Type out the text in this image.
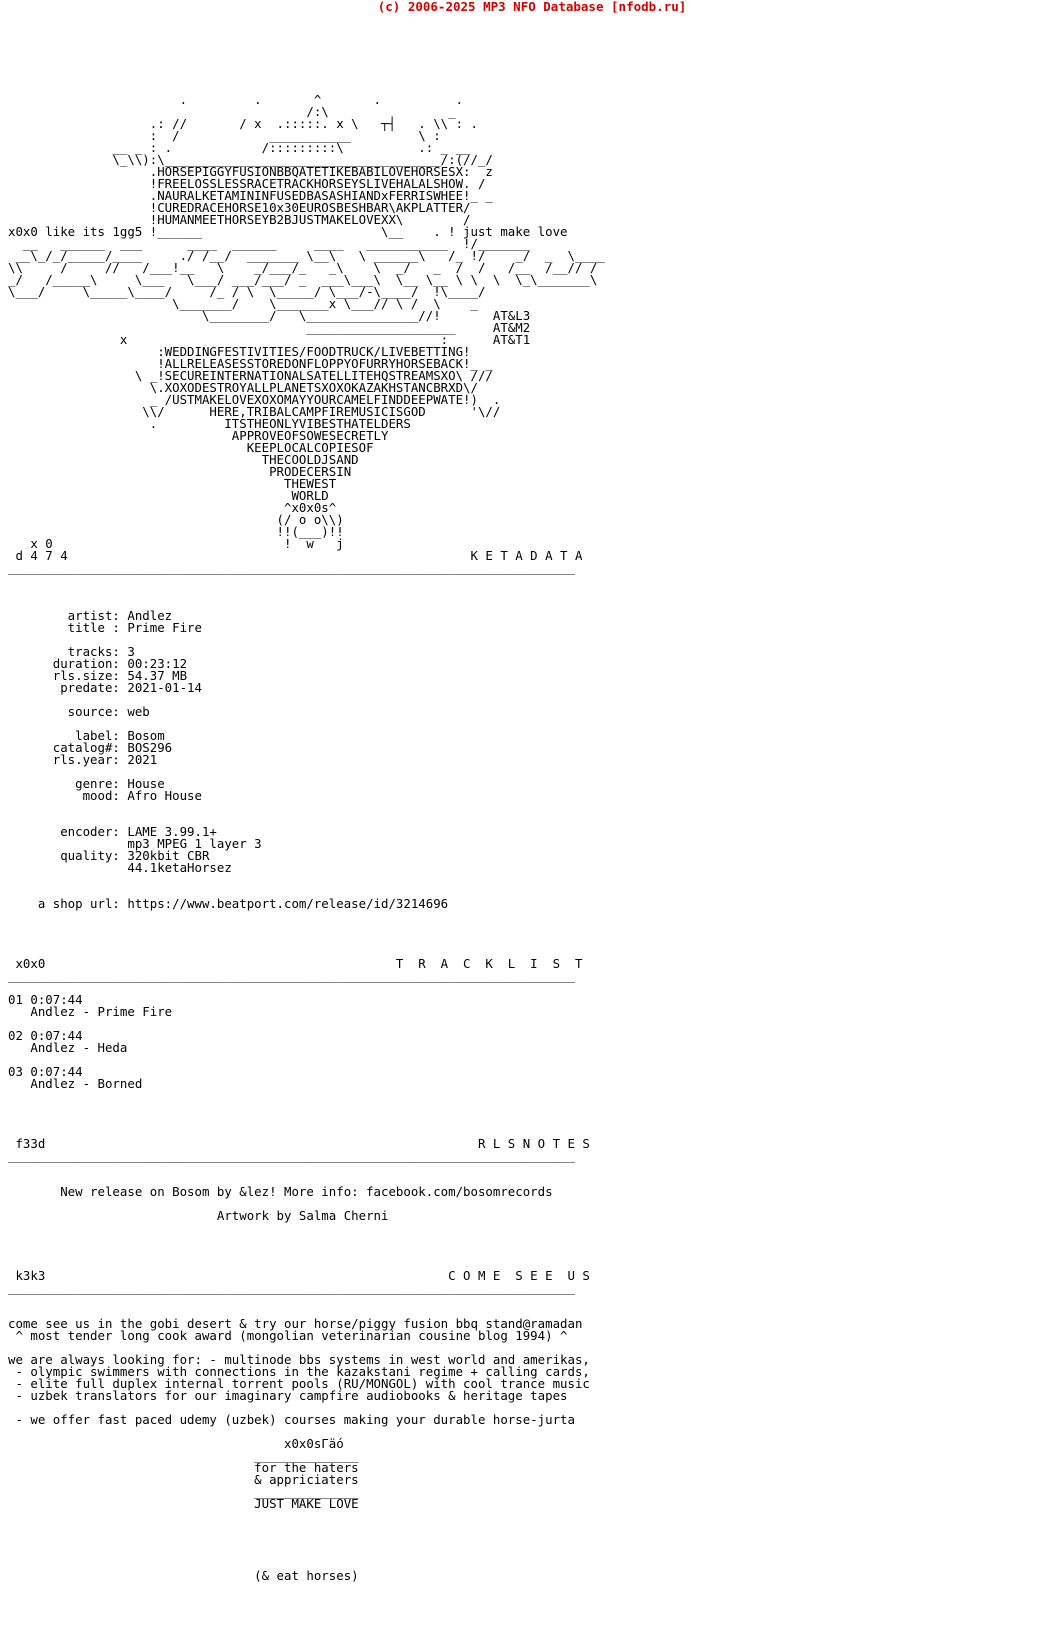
(c) 2006-2025 MP3 NFO Database [nfodb.ru]

.         .       ^       .          .
/:\                _
.: //       / x  .:::::. x \   ┬┤   . \\ : .
:  /            ___________         \ :
__ _ : .            /:::::::::\          .: _ __
\_\\):\_____________________________________/:(//_/
.HORSEPIGGYFUSIONBBQATETIKEBABILOVEHORSESX:  z
!FREELOSSLESSRACETRACKHORSEYSLIVEHALALSHOW. /
.NAURALKETAMININFUSEDBASASHIANDxFERRISWHEE!_ _
!CUREDRACEHORSE10x30EUROSBESHBAR\AKPLATTER/
!HUMANMEETHORSEYB2BJUSTMAKELOVEXX\        /
x0x0 like its 1gg5 !______                        \__    . ! just make love
__   ______  ___      ____  ______     ____   ___________  !/_______
__\_/_/_____/____     ./ /__/  _______ \__\   \ ______\   /_ !/    _/  _  \____
\\     /     //   /___!__   \    _/___/_   _\    \  _/   _  /  /   /__  /__// /
_/   /_____\     \___   \___/ ___/___/ _  ___\___\  \__ \__ \ \  \  \_\_______\
\___/     \_____\____/     /_ / \  \_____/ \___/-\____/  !\____/
\_______/    \_______x \___// \ /  \    _
\________/   \_______________//!       AT&L3
____________________     AT&M2
x                                          :      AT&T1
:WEDDINGFESTIVITIES/FOODTRUCK/LIVEBETTING!
!ALLRELEASESSTOREDONFLOPPYOFURRYHORSEBACK!_ _
\ _!SECUREINTERNATIONALSATELLITEHQSTREAMSXO\ ///
\.XOXODESTROYALLPLANETSXOXOKAZAKHSTANCBRXD\/
_ /USTMAKELOVEXOXOMAYYOURCAMELFINDDEEPWATE!)  .
\\/      HERE,TRIBALCAMPFIREMUSICISGOD      '\//
.         ITSTHEONLYVIBESTHATELDERS
APPROVEOFSOWESECRETLY
KEEPLOCALCOPIESOF
THECOOLDJSAND
PRODECERSIN
THEWEST
WORLD
^x0x0s^
(/ o o\\)
!!(___)!!
x 0                               !  w   j
d 4 7 4                                                      K E T A D A T A
____________________________________________________________________________

artist: Andlez
title : Prime Fire

tracks: 3
duration: 00:23:12
rls.size: 54.37 MB
predate: 2021-01-14

source: web

label: Bosom
catalog#: BOS296
rls.year: 2021

genre: House
mood: Afro House

encoder: LAME 3.99.1+
mp3 MPEG 1 layer 3
quality: 320kbit CBR
44.1ketaHorsez

a shop url: https://www.beatport.com/release/id/3214696

x0x0                                               T  R  A  C  K  L  I  S  T
____________________________________________________________________________

01 0:07:44
Andlez - Prime Fire

02 0:07:44
Andlez - Heda

03 0:07:44
Andlez - Borned

f33d                                                          R L S N O T E S
____________________________________________________________________________

New release on Bosom by &lez! More info: facebook.com/bosomrecords

Artwork by Salma Cherni

k3k3                                                      C O M E  S E E  U S
____________________________________________________________________________

come see us in the gobi desert & try our horse/piggy fusion bbq stand@ramadan
^ most tender long cook award (mongolian veterinarian cousine blog 1994) ^

we are always looking for: - multinode bbs systems in west world and amerikas,
- olympic swimmers with connections in the kazakstani regime + calling cards,
- elite full duplex internal torrent pools (RU/MONGOL) with cool trance music
- uzbek translators for our imaginary campfire audiobooks & heritage tapes

- we offer fast paced udemy (uzbek) courses making your durable horse-jurta

x0x0sГäó
______________
for the haters
& appriciaters
______________
JUST MAKE LOVE

(& eat horses)
